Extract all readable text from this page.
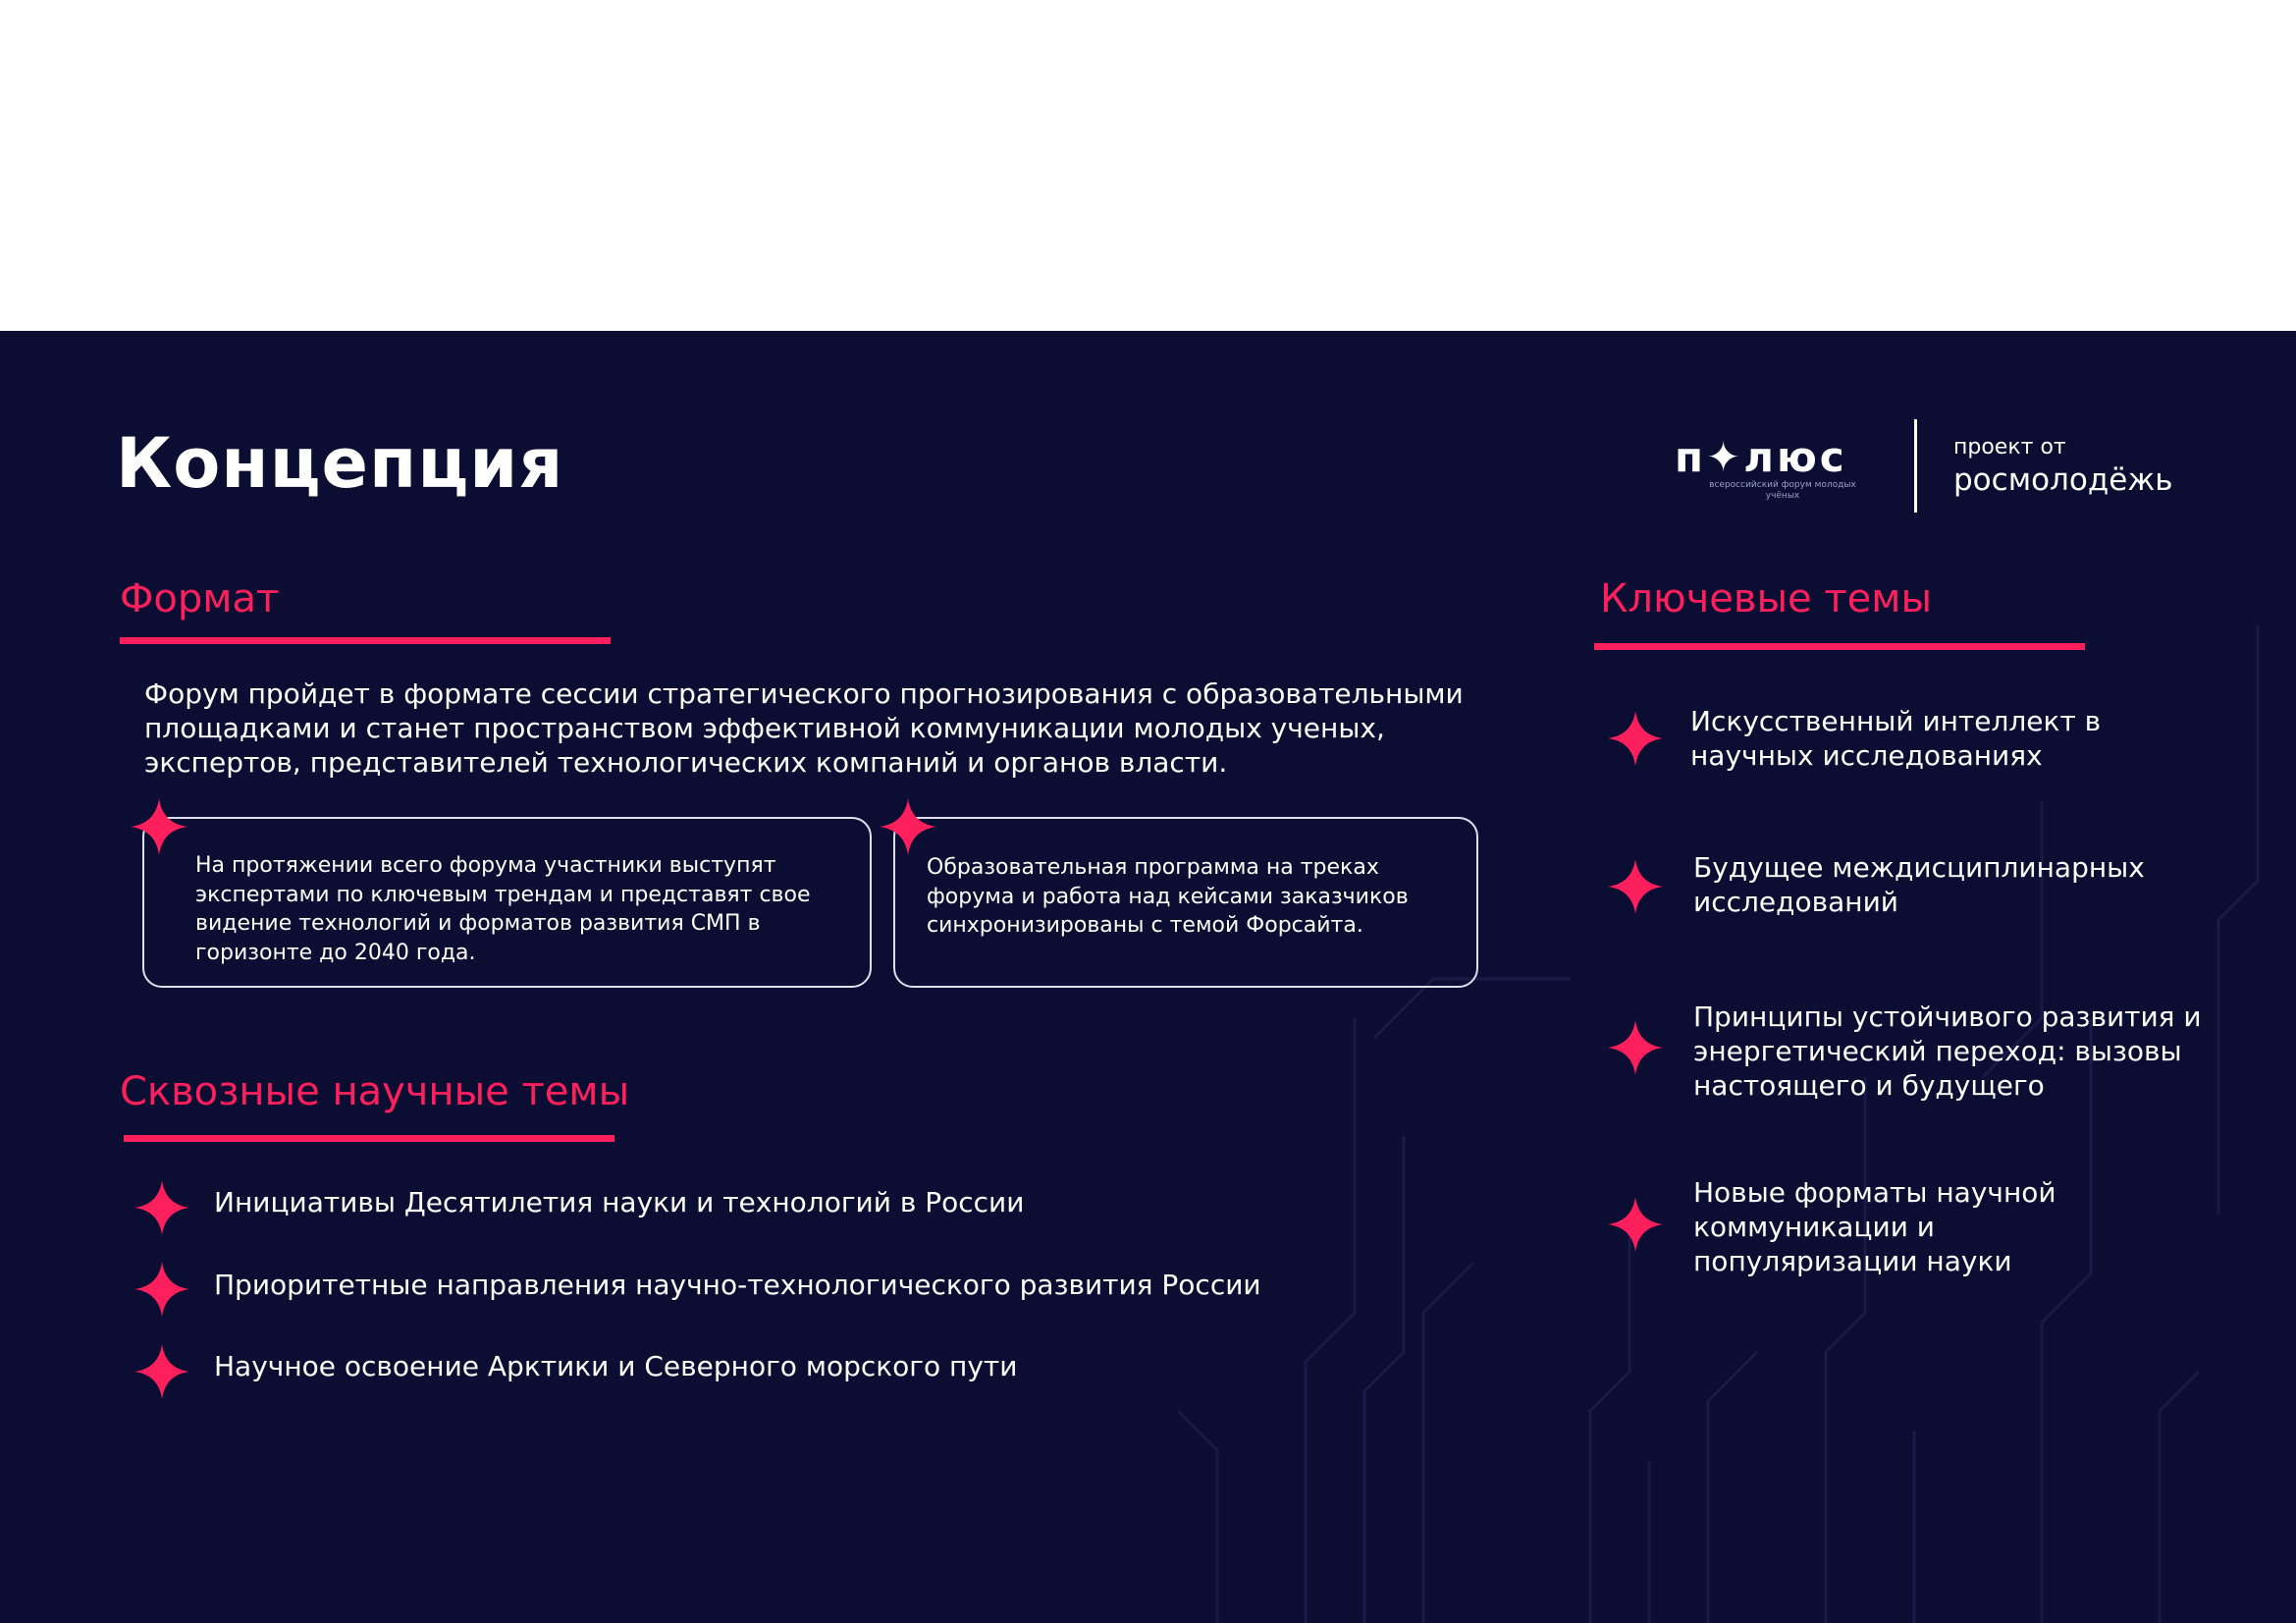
Концепция	п✦люс
всероссийский форум молодых учёных
проект от
росмолодёжь
Формат
Форум пройдет в формате сессии стратегического прогнозирования с образовательными площадками и станет пространством эффективной коммуникации молодых ученых, экспертов, представителей технологических компаний и органов власти.
На протяжении всего форума участники выступят экспертами по ключевым трендам и представят свое видение технологий и форматов развития СМП в горизонте до 2040 года.
Образовательная программа на треках форума и работа над кейсами заказчиков синхронизированы с темой Форсайта.
Сквозные научные темы
Инициативы Десятилетия науки и технологий в России
Приоритетные направления научно-технологического развития России
Научное освоение Арктики и Северного морского пути
Ключевые темы
Искусственный интеллект в научных исследованиях
Будущее междисциплинарных исследований
Принципы устойчивого развития и энергетический переход: вызовы настоящего и будущего
Новые форматы научной коммуникации и популяризации науки
